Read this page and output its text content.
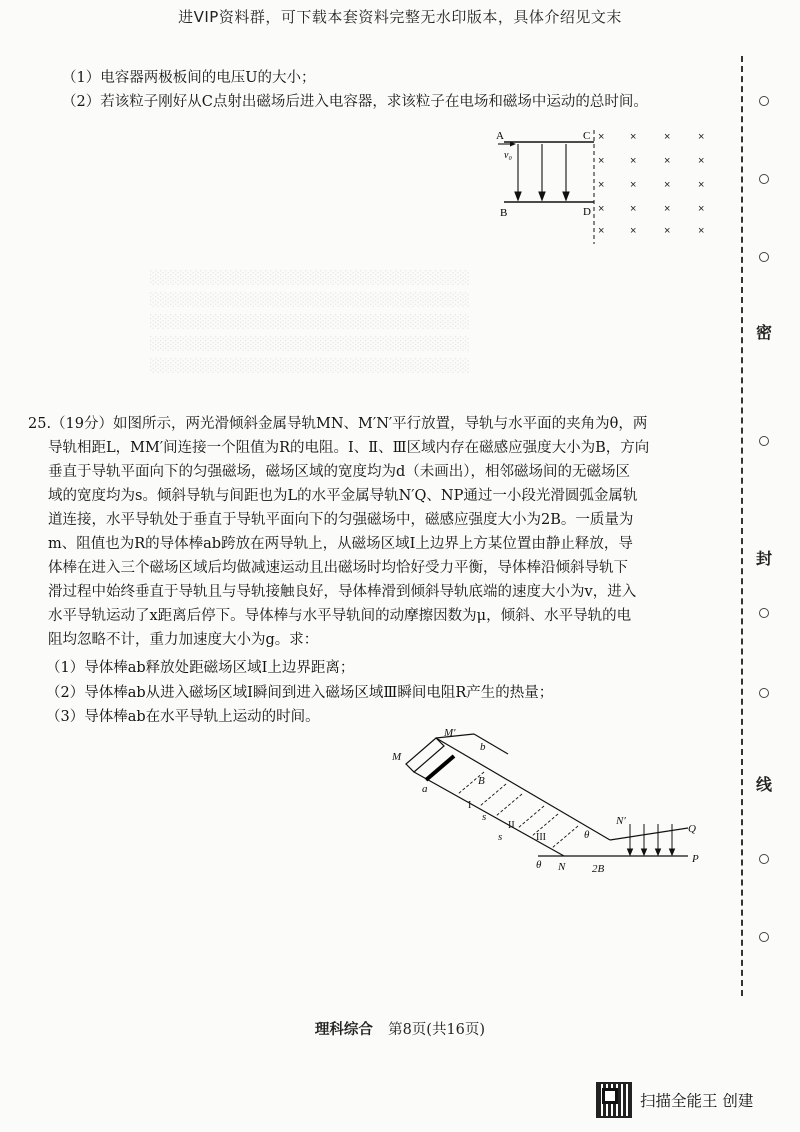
进VIP资料群，可下载本套资料完整无水印版本，具体介绍见文末
（1）电容器两极板间的电压U的大小；
（2）若该粒子刚好从C点射出磁场后进入电容器，求该粒子在电场和磁场中运动的总时间。
A
v₀
B
C
D
× ×	×	×
× ×	×	×
× ×	×	×
× ×	×	×
× ×	×	×
░░░░░░░░░░░░░░░░░░░░░░░░░░░░░░░░
░░░░░░░░░░░░░░░░░░░░░░░░░░░░░░░░
░░░░░░░░░░░░░░░░░░░░░░░░░░░░░░░░
░░░░░░░░░░░░░░░░░░░░░░░░░░░░░░░░
░░░░░░░░░░░░░░░░░░░░░░░░░░░░░░░░

25.（19分）如图所示，两光滑倾斜金属导轨MN、M′N′平行放置，导轨与水平面的夹角为θ，两

导轨相距L，MM′间连接一个阻值为R的电阻。Ⅰ、Ⅱ、Ⅲ区域内存在磁感应强度大小为B，方向

垂直于导轨平面向下的匀强磁场，磁场区域的宽度均为d（未画出），相邻磁场间的无磁场区

域的宽度均为s。倾斜导轨与间距也为L的水平金属导轨N′Q、NP通过一小段光滑圆弧金属轨

道连接，水平导轨处于垂直于导轨平面向下的匀强磁场中，磁感应强度大小为2B。一质量为

m、阻值也为R的导体棒ab跨放在两导轨上，从磁场区域Ⅰ上边界上方某位置由静止释放，导

体棒在进入三个磁场区域后均做减速运动且出磁场时均恰好受力平衡，导体棒沿倾斜导轨下

滑过程中始终垂直于导轨且与导轨接触良好，导体棒滑到倾斜导轨底端的速度大小为v，进入

水平导轨运动了x距离后停下。导体棒与水平导轨间的动摩擦因数为μ，倾斜、水平导轨的电

阻均忽略不计，重力加速度大小为g。求：

（1）导体棒ab释放处距磁场区域Ⅰ上边界距离；
（2）导体棒ab从进入磁场区域Ⅰ瞬间到进入磁场区域Ⅲ瞬间电阻R产生的热量；
（3）导体棒ab在水平导轨上运动的时间。
M
M′
a
b
B
s
s
N
N′
P
Q
2B
θ
θ
I
II
III
密
封
线
理科综合 第8页(共16页)
扫描全能王 创建
